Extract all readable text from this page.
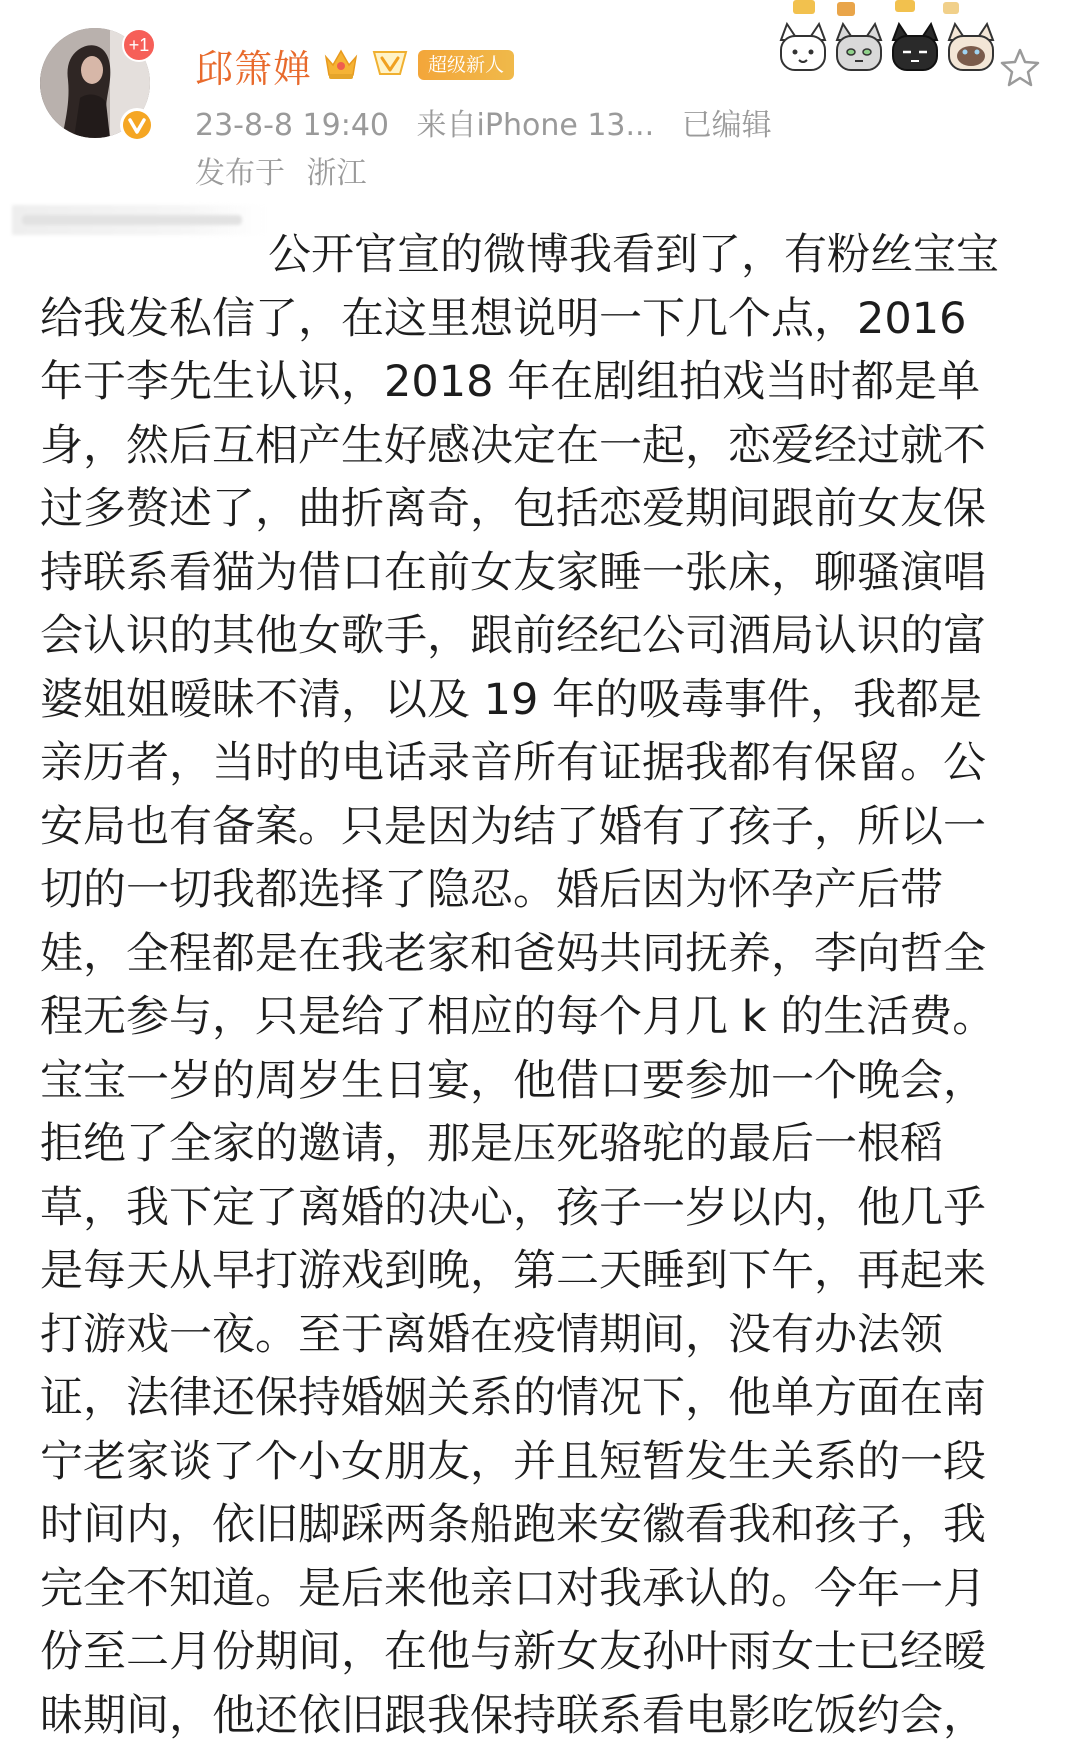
+1
邱箫婵	超级新人
23-8-8 19:40 来自iPhone 13... 已编辑
发布于 浙江
公开官宣的微博我看到了，有粉丝宝宝
给我发私信了，在这里想说明一下几个点，2016
年于李先生认识，2018 年在剧组拍戏当时都是单
身，然后互相产生好感决定在一起，恋爱经过就不
过多赘述了，曲折离奇，包括恋爱期间跟前女友保
持联系看猫为借口在前女友家睡一张床，聊骚演唱
会认识的其他女歌手，跟前经纪公司酒局认识的富
婆姐姐暧昧不清，以及 19 年的吸毒事件，我都是
亲历者，当时的电话录音所有证据我都有保留。公
安局也有备案。只是因为结了婚有了孩子，所以一
切的一切我都选择了隐忍。婚后因为怀孕产后带
娃，全程都是在我老家和爸妈共同抚养，李向哲全
程无参与，只是给了相应的每个月几 k 的生活费。
宝宝一岁的周岁生日宴，他借口要参加一个晚会，
拒绝了全家的邀请，那是压死骆驼的最后一根稻
草，我下定了离婚的决心，孩子一岁以内，他几乎
是每天从早打游戏到晚，第二天睡到下午，再起来
打游戏一夜。至于离婚在疫情期间，没有办法领
证，法律还保持婚姻关系的情况下，他单方面在南
宁老家谈了个小女朋友，并且短暂发生关系的一段
时间内，依旧脚踩两条船跑来安徽看我和孩子，我
完全不知道。是后来他亲口对我承认的。今年一月
份至二月份期间，在他与新女友孙叶雨女士已经暧
昧期间，他还依旧跟我保持联系看电影吃饭约会，
